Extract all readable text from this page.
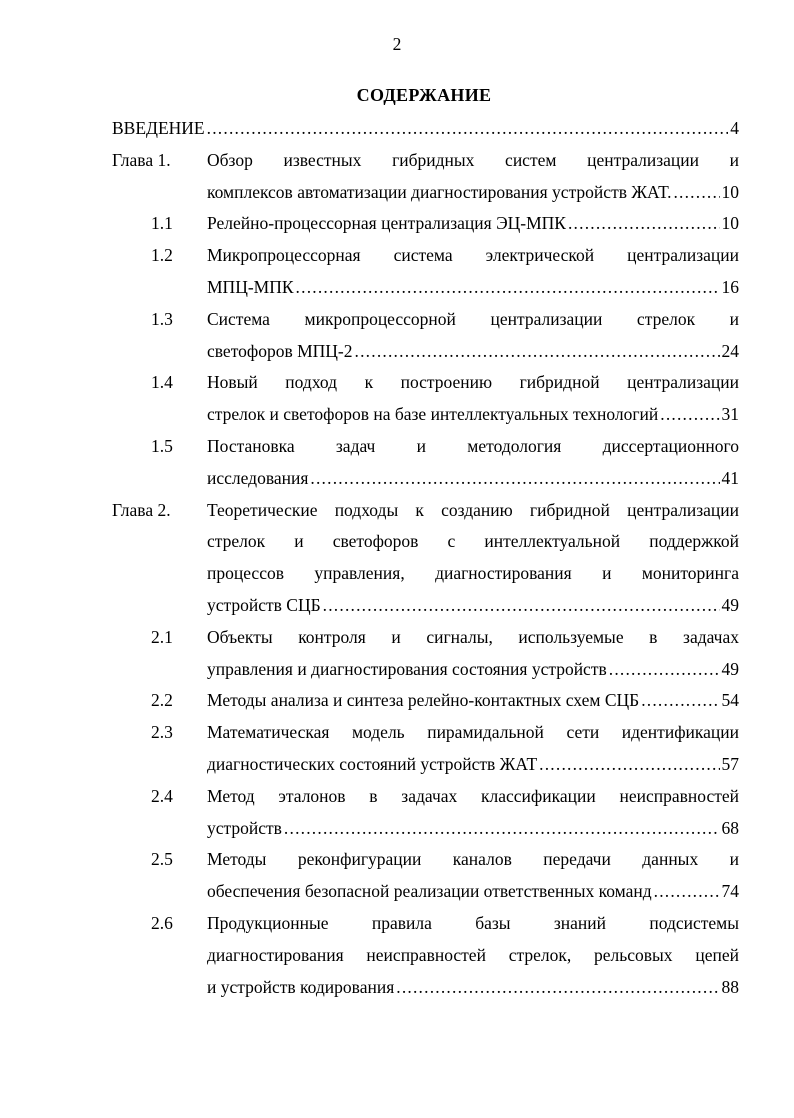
2
СОДЕРЖАНИЕ
ВВЕДЕНИЕ .....	4
Глава 1. Обзор известных гибридных систем централизации и
комплексов автоматизации диагностирования устройств ЖАТ. .....	10
1.1 Релейно-процессорная централизация ЭЦ-МПК .....	10
1.2 Микропроцессорная система электрической централизации
МПЦ-МПК .....	16
1.3 Система микропроцессорной централизации стрелок и
светофоров МПЦ-2 .....	24
1.4 Новый подход к построению гибридной централизации
стрелок и светофоров на базе интеллектуальных технологий .....	31
1.5 Постановка задач и методология диссертационного
исследования .....	41
Глава 2. Теоретические подходы к созданию гибридной централизации
стрелок и светофоров с интеллектуальной поддержкой
процессов управления, диагностирования и мониторинга
устройств СЦБ .....	49
2.1 Объекты контроля и сигналы, используемые в задачах
управления и диагностирования состояния устройств .....	49
2.2 Методы анализа и синтеза релейно-контактных схем СЦБ .....	54
2.3 Математическая модель пирамидальной сети идентификации
диагностических состояний устройств ЖАТ .....	57
2.4 Метод эталонов в задачах классификации неисправностей
устройств .....	68
2.5 Методы реконфигурации каналов передачи данных и
обеспечения безопасной реализации ответственных команд .....	74
2.6 Продукционные правила базы знаний подсистемы
диагностирования неисправностей стрелок, рельсовых цепей
и устройств кодирования .....	88
